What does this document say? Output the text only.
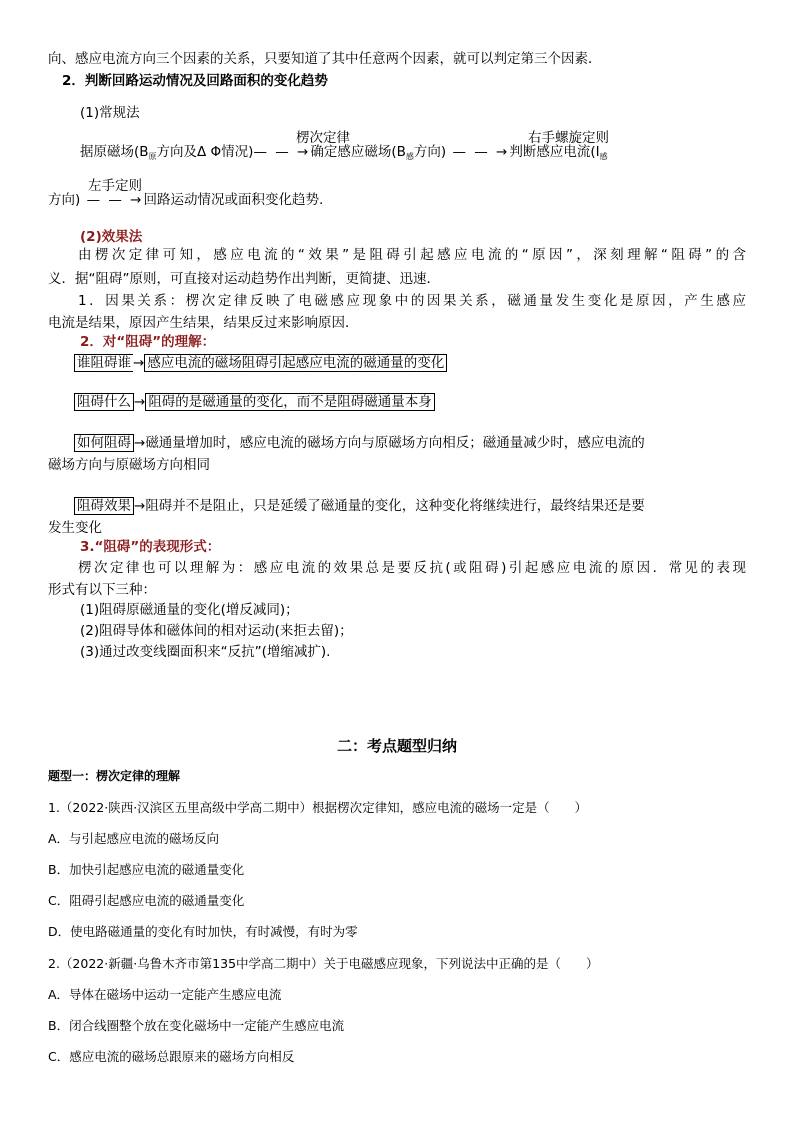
向、感应电流方向三个因素的关系，只要知道了其中任意两个因素，就可以判定第三个因素．
2．判断回路运动情况及回路面积的变化趋势
(1)常规法
楞次定律	右手螺旋定则
据原磁场($B_原$方向及Δ Φ情况)— — →确定感应磁场($B_感$方向) — — →判断感应电流($I_感$
左手定则
方向) — — →回路运动情况或面积变化趋势.
(2)效果法
由楞次定律可知，感应电流的“效果”是阻碍引起感应电流的“原因”，深刻理解“阻碍”的含
义．据“阻碍”原则，可直接对运动趋势作出判断，更简捷、迅速．
1．因果关系：楞次定律反映了电磁感应现象中的因果关系，磁通量发生变化是原因，产生感应
电流是结果，原因产生结果，结果反过来影响原因．
2．对“阻碍”的理解：
谁阻碍谁 → 感应电流的磁场阻碍引起感应电流的磁通量的变化
阻碍什么 → 阻碍的是磁通量的变化，而不是阻碍磁通量本身
如何阻碍 →磁通量增加时，感应电流的磁场方向与原磁场方向相反；磁通量减少时，感应电流的
磁场方向与原磁场方向相同
阻碍效果 →阻碍并不是阻止，只是延缓了磁通量的变化，这种变化将继续进行，最终结果还是要
发生变化
3.“阻碍”的表现形式：
楞次定律也可以理解为：感应电流的效果总是要反抗(或阻碍)引起感应电流的原因．常见的表现
形式有以下三种：
(1)阻碍原磁通量的变化(增反减同)；
(2)阻碍导体和磁体间的相对运动(来拒去留)；
(3)通过改变线圈面积来“反抗”(增缩减扩).
二：考点题型归纳
题型一：楞次定律的理解
1.（2022·陕西·汉滨区五里高级中学高二期中）根据楞次定律知，感应电流的磁场一定是（　　）
A．与引起感应电流的磁场反向
B．加快引起感应电流的磁通量变化
C．阻碍引起感应电流的磁通量变化
D．使电路磁通量的变化有时加快，有时减慢，有时为零
2.（2022·新疆·乌鲁木齐市第135中学高二期中）关于电磁感应现象，下列说法中正确的是（　　）
A．导体在磁场中运动一定能产生感应电流
B．闭合线圈整个放在变化磁场中一定能产生感应电流
C．感应电流的磁场总跟原来的磁场方向相反
